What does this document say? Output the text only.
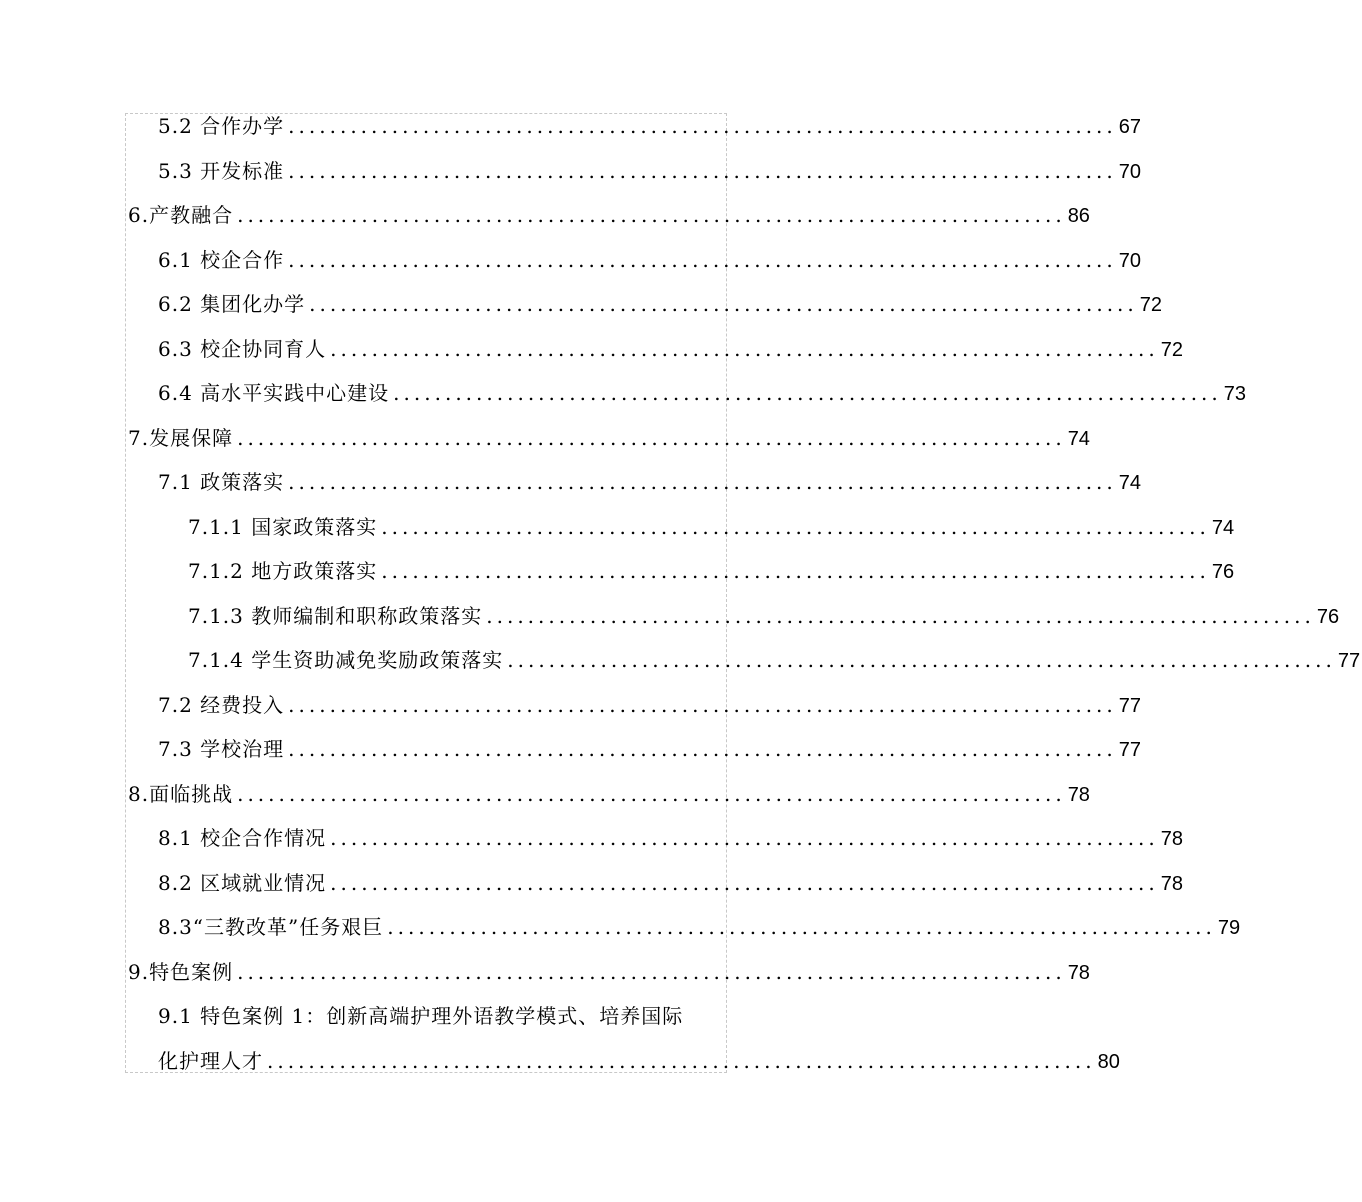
5.2 合作办学 ................................................................................ 67
5.3 开发标准 ................................................................................ 70
6.产教融合 ................................................................................ 86
6.1 校企合作 ................................................................................ 70
6.2 集团化办学 ................................................................................ 72
6.3 校企协同育人 ................................................................................ 72
6.4 高水平实践中心建设 ................................................................................ 73
7.发展保障 ................................................................................ 74
7.1 政策落实 ................................................................................ 74
7.1.1 国家政策落实 ................................................................................ 74
7.1.2 地方政策落实 ................................................................................ 76
7.1.3 教师编制和职称政策落实 ................................................................................ 76
7.1.4 学生资助减免奖励政策落实 ................................................................................ 77
7.2 经费投入 ................................................................................ 77
7.3 学校治理 ................................................................................ 77
8.面临挑战 ................................................................................ 78
8.1 校企合作情况 ................................................................................ 78
8.2 区域就业情况 ................................................................................ 78
8.3“三教改革”任务艰巨 ................................................................................ 79
9.特色案例 ................................................................................ 78
9.1 特色案例 1：创新高端护理外语教学模式、培养国际
化护理人才 ................................................................................ 80
